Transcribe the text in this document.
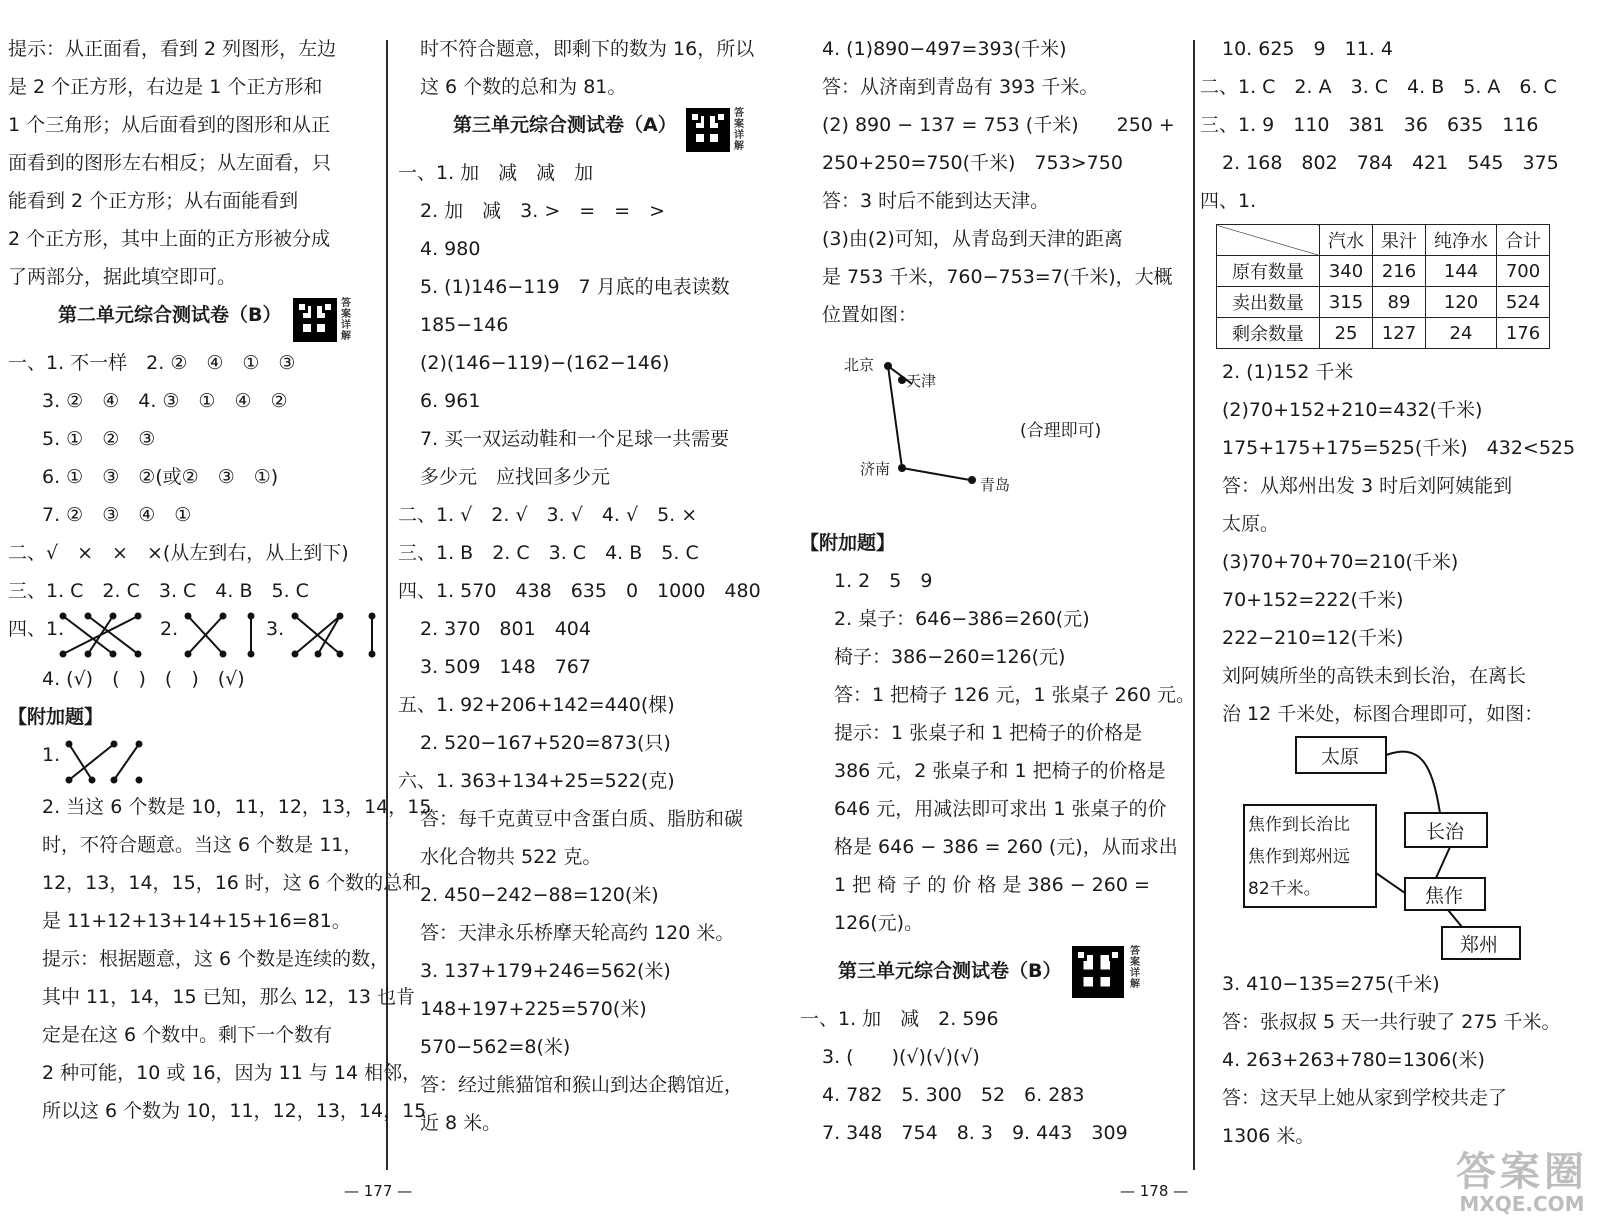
提示：从正面看，看到 2 列图形，左边
是 2 个正方形，右边是 1 个正方形和
1 个三角形；从后面看到的图形和从正
面看到的图形左右相反；从左面看，只
能看到 2 个正方形；从右面能看到
2 个正方形，其中上面的正方形被分成
了两部分，据此填空即可。
第二单元综合测试卷（B）
答案详解
一、1. 不一样　2. ②　④　①　③
3. ②　④　4. ③　①　④　②
5. ①　②　③
6. ①　③　②(或②　③　①)
7. ②　③　④　①
二、√　×　×　×(从左到右，从上到下)
三、1. C　2. C　3. C　4. B　5. C
四、1.	2.	3.
4. (√)　(　)　(　)　(√)
【附加题】
1.
2. 当这 6 个数是 10，11，12，13，14，15
时，不符合题意。当这 6 个数是 11，
12，13，14，15，16 时，这 6 个数的总和
是 11+12+13+14+15+16=81。
提示：根据题意，这 6 个数是连续的数，
其中 11，14，15 已知，那么 12，13 也肯
定是在这 6 个数中。剩下一个数有
2 种可能，10 或 16，因为 11 与 14 相邻，
所以这 6 个数为 10，11，12，13，14，15
时不符合题意，即剩下的数为 16，所以
这 6 个数的总和为 81。
第三单元综合测试卷（A）
答案详解
一、1. 加　减　减　加
2. 加　减　3. >　=　=　>
4. 980
5. (1)146−119　7 月底的电表读数
185−146
(2)(146−119)−(162−146)
6. 961
7. 买一双运动鞋和一个足球一共需要
多少元　应找回多少元
二、1. √　2. √　3. √　4. √　5. ×
三、1. B　2. C　3. C　4. B　5. C
四、1. 570　438　635　0　1000　480
2. 370　801　404
3. 509　148　767
五、1. 92+206+142=440(棵)
2. 520−167+520=873(只)
六、1. 363+134+25=522(克)
答：每千克黄豆中含蛋白质、脂肪和碳
水化合物共 522 克。
2. 450−242−88=120(米)
答：天津永乐桥摩天轮高约 120 米。
3. 137+179+246=562(米)
148+197+225=570(米)
570−562=8(米)
答：经过熊猫馆和猴山到达企鹅馆近，
近 8 米。
— 177 —
4. (1)890−497=393(千米)
答：从济南到青岛有 393 千米。
(2) 890 − 137 = 753 (千米)　　250 +
250+250=750(千米)　753>750
答：3 时后不能到达天津。
(3)由(2)可知，从青岛到天津的距离
是 753 千米，760−753=7(千米)，大概
位置如图：
北京
天津
济南
青岛
(合理即可)
【附加题】
1. 2　5　9
2. 桌子：646−386=260(元)
椅子：386−260=126(元)
答：1 把椅子 126 元，1 张桌子 260 元。
提示：1 张桌子和 1 把椅子的价格是
386 元，2 张桌子和 1 把椅子的价格是
646 元，用减法即可求出 1 张桌子的价
格是 646 − 386 = 260 (元)，从而求出
1 把 椅 子 的 价 格 是 386 − 260 =
126(元)。
第三单元综合测试卷（B）
答案详解
一、1. 加　减　2. 596
3. (　　)(√)(√)(√)
4. 782　5. 300　52　6. 283
7. 348　754　8. 3　9. 443　309
— 178 —
10. 625　9　11. 4
二、1. C　2. A　3. C　4. B　5. A　6. C
三、1. 9　110　381　36　635　116
2. 168　802　784　421　545　375
四、1.
	汽水	果汁	纯净水	合计
原有数量	340	216	144	700
卖出数量	315	89	120	524
剩余数量	25	127	24	176
2. (1)152 千米
(2)70+152+210=432(千米)
175+175+175=525(千米)　432<525
答：从郑州出发 3 时后刘阿姨能到
太原。
(3)70+70+70=210(千米)
70+152=222(千米)
222−210=12(千米)
刘阿姨所坐的高铁未到长治，在离长
治 12 千米处，标图合理即可，如图：
太原
长治
焦作
郑州
焦作到长治比
焦作到郑州远
82千米。
3. 410−135=275(千米)
答：张叔叔 5 天一共行驶了 275 千米。
4. 263+263+780=1306(米)
答：这天早上她从家到学校共走了
1306 米。
答案圈
MXQE.COM
